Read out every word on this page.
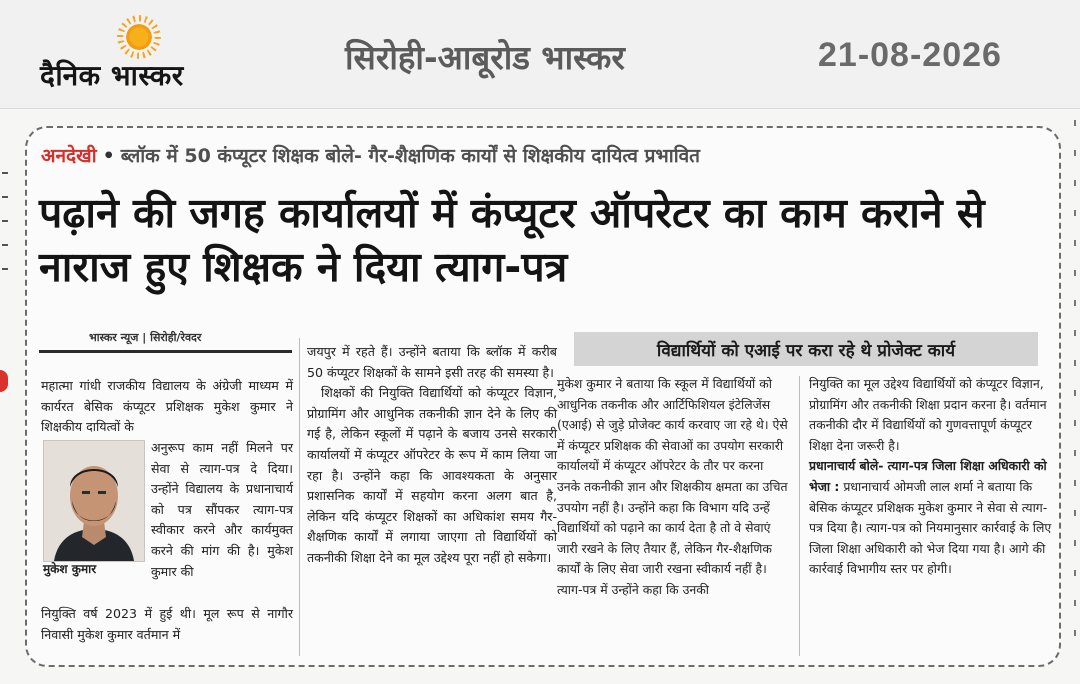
दैनिक भास्कर	सिरोही-आबूरोड भास्कर	21-08-2026
अनदेखी • ब्लॉक में 50 कंप्यूटर शिक्षक बोले- गैर-शैक्षणिक कार्यों से शिक्षकीय दायित्व प्रभावित
पढ़ाने की जगह कार्यालयों में कंप्यूटर ऑपरेटर का काम कराने से नाराज हुए शिक्षक ने दिया त्याग-पत्र
भास्कर न्यूज | सिरोही/रेवदर

महात्मा गांधी राजकीय विद्यालय के अंग्रेजी माध्यम में कार्यरत बेसिक कंप्यूटर प्रशिक्षक मुकेश कुमार ने शिक्षकीय दायित्वों के

मुकेश कुमार

अनुरूप काम नहीं मिलने पर सेवा से त्याग-पत्र दे दिया। उन्होंने विद्यालय के प्रधानाचार्य को पत्र सौंपकर त्याग-पत्र स्वीकार करने और कार्यमुक्त करने की मांग की है। मुकेश कुमार की

नियुक्ति वर्ष 2023 में हुई थी। मूल रूप से नागौर निवासी मुकेश कुमार वर्तमान में

जयपुर में रहते हैं। उन्होंने बताया कि ब्लॉक में करीब 50 कंप्यूटर शिक्षकों के सामने इसी तरह की समस्या है।

शिक्षकों की नियुक्ति विद्यार्थियों को कंप्यूटर विज्ञान, प्रोग्रामिंग और आधुनिक तकनीकी ज्ञान देने के लिए की गई है, लेकिन स्कूलों में पढ़ाने के बजाय उनसे सरकारी कार्यालयों में कंप्यूटर ऑपरेटर के रूप में काम लिया जा रहा है। उन्होंने कहा कि आवश्यकता के अनुसार प्रशासनिक कार्यों में सहयोग करना अलग बात है, लेकिन यदि कंप्यूटर शिक्षकों का अधिकांश समय गैर-शैक्षणिक कार्यों में लगाया जाएगा तो विद्यार्थियों को तकनीकी शिक्षा देने का मूल उद्देश्य पूरा नहीं हो सकेगा।

विद्यार्थियों को एआई पर करा रहे थे प्रोजेक्ट कार्य

मुकेश कुमार ने बताया कि स्कूल में विद्यार्थियों को आधुनिक तकनीक और आर्टिफिशियल इंटेलिजेंस (एआई) से जुड़े प्रोजेक्ट कार्य करवाए जा रहे थे। ऐसे में कंप्यूटर प्रशिक्षक की सेवाओं का उपयोग सरकारी कार्यालयों में कंप्यूटर ऑपरेटर के तौर पर करना उनके तकनीकी ज्ञान और शिक्षकीय क्षमता का उचित उपयोग नहीं है। उन्होंने कहा कि विभाग यदि उन्हें विद्यार्थियों को पढ़ाने का कार्य देता है तो वे सेवाएं जारी रखने के लिए तैयार हैं, लेकिन गैर-शैक्षणिक कार्यों के लिए सेवा जारी रखना स्वीकार्य नहीं है। त्याग-पत्र में उन्होंने कहा कि उनकी

नियुक्ति का मूल उद्देश्य विद्यार्थियों को कंप्यूटर विज्ञान, प्रोग्रामिंग और तकनीकी शिक्षा प्रदान करना है। वर्तमान तकनीकी दौर में विद्यार्थियों को गुणवत्तापूर्ण कंप्यूटर शिक्षा देना जरूरी है।

प्रधानाचार्य बोले- त्याग-पत्र जिला शिक्षा अधिकारी को भेजा : प्रधानाचार्य ओमजी लाल शर्मा ने बताया कि बेसिक कंप्यूटर प्रशिक्षक मुकेश कुमार ने सेवा से त्याग-पत्र दिया है। त्याग-पत्र को नियमानुसार कार्रवाई के लिए जिला शिक्षा अधिकारी को भेज दिया गया है। आगे की कार्रवाई विभागीय स्तर पर होगी।
